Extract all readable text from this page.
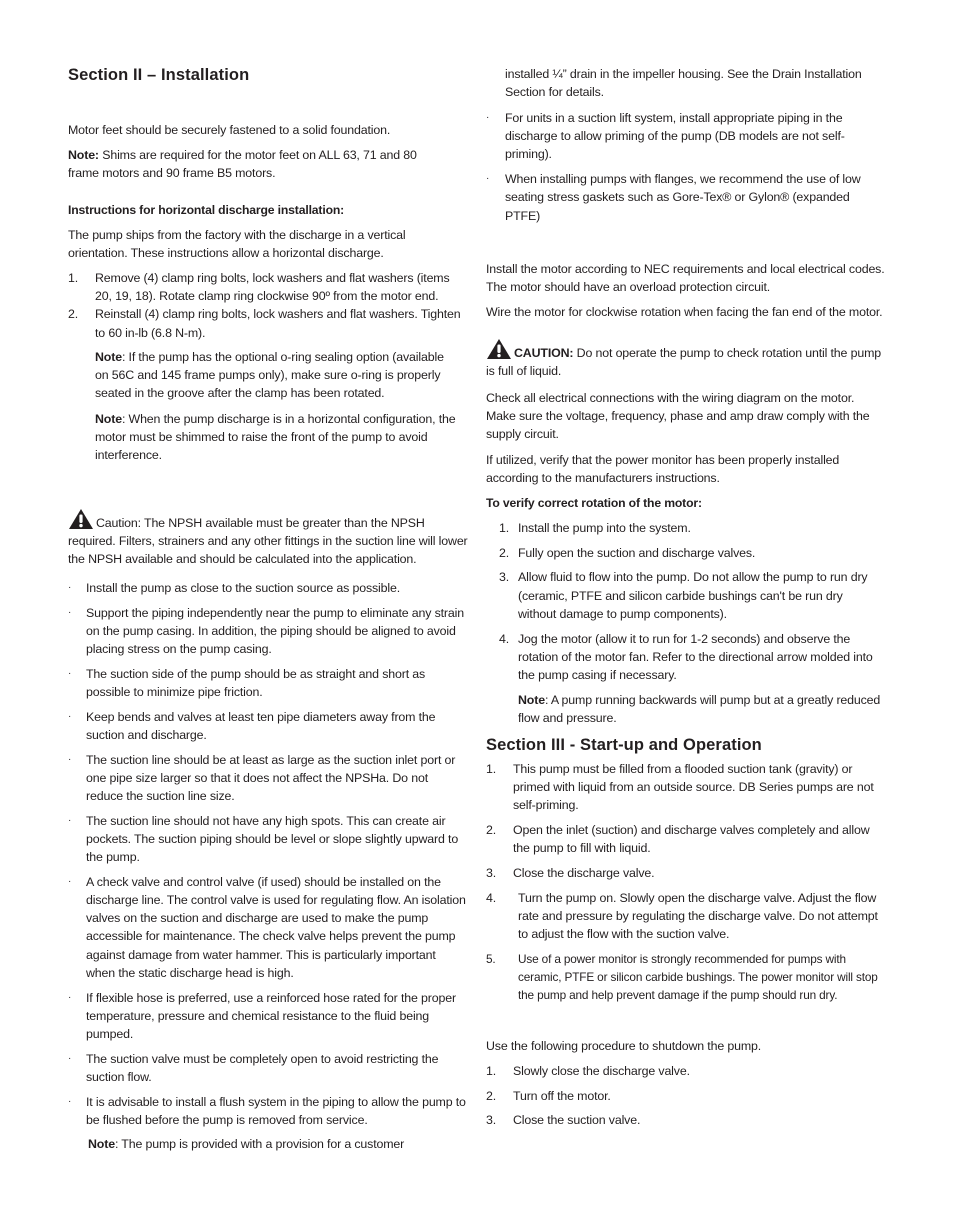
Section II – Installation

Motor feet should be securely fastened to a solid foundation.

Note: Shims are required for the motor feet on ALL 63, 71 and 80 frame motors and 90 frame B5 motors.

Instructions for horizontal discharge installation:

The pump ships from the factory with the discharge in a vertical orientation. These instructions allow a horizontal discharge.

1. Remove (4) clamp ring bolts, lock washers and flat washers (items 20, 19, 18). Rotate clamp ring clockwise 90º from the motor end.
2. Reinstall (4) clamp ring bolts, lock washers and flat washers. Tighten to 60 in-lb (6.8 N-m).

Note: If the pump has the optional o-ring sealing option (available on 56C and 145 frame pumps only), make sure o-ring is properly seated in the groove after the clamp has been rotated.

Note: When the pump discharge is in a horizontal configuration, the motor must be shimmed to raise the front of the pump to avoid interference.

Caution: The NPSH available must be greater than the NPSH required. Filters, strainers and any other fittings in the suction line will lower the NPSH available and should be calculated into the application.

· Install the pump as close to the suction source as possible.
· Support the piping independently near the pump to eliminate any strain on the pump casing. In addition, the piping should be aligned to avoid placing stress on the pump casing.
· The suction side of the pump should be as straight and short as possible to minimize pipe friction.
· Keep bends and valves at least ten pipe diameters away from the suction and discharge.
· The suction line should be at least as large as the suction inlet port or one pipe size larger so that it does not affect the NPSHa. Do not reduce the suction line size.
· The suction line should not have any high spots. This can create air pockets. The suction piping should be level or slope slightly upward to the pump.
· A check valve and control valve (if used) should be installed on the discharge line. The control valve is used for regulating flow. An isolation valves on the suction and discharge are used to make the pump accessible for maintenance. The check valve helps prevent the pump against damage from water hammer. This is particularly important when the static discharge head is high.
· If flexible hose is preferred, use a reinforced hose rated for the proper temperature, pressure and chemical resistance to the fluid being pumped.
· The suction valve must be completely open to avoid restricting the suction flow.
· It is advisable to install a flush system in the piping to allow the pump to be flushed before the pump is removed from service.

Note: The pump is provided with a provision for a customer

installed ¼” drain in the impeller housing. See the Drain Installation Section for details.

· For units in a suction lift system, install appropriate piping in the discharge to allow priming of the pump (DB models are not self-priming).
· When installing pumps with flanges, we recommend the use of low seating stress gaskets such as Gore-Tex® or Gylon® (expanded PTFE)

Install the motor according to NEC requirements and local electrical codes. The motor should have an overload protection circuit.

Wire the motor for clockwise rotation when facing the fan end of the motor.

CAUTION: Do not operate the pump to check rotation until the pump is full of liquid.

Check all electrical connections with the wiring diagram on the motor. Make sure the voltage, frequency, phase and amp draw comply with the supply circuit.

If utilized, verify that the power monitor has been properly installed according to the manufacturers instructions.

To verify correct rotation of the motor:

1. Install the pump into the system.
2. Fully open the suction and discharge valves.
3. Allow fluid to flow into the pump. Do not allow the pump to run dry (ceramic, PTFE and silicon carbide bushings can't be run dry without damage to pump components).
4. Jog the motor (allow it to run for 1-2 seconds) and observe the rotation of the motor fan. Refer to the directional arrow molded into the pump casing if necessary.

Note: A pump running backwards will pump but at a greatly reduced flow and pressure.

Section III - Start-up and Operation
1. This pump must be filled from a flooded suction tank (gravity) or primed with liquid from an outside source. DB Series pumps are not self-priming.
2. Open the inlet (suction) and discharge valves completely and allow the pump to fill with liquid.
3. Close the discharge valve.
4. Turn the pump on. Slowly open the discharge valve. Adjust the flow rate and pressure by regulating the discharge valve. Do not attempt to adjust the flow with the suction valve.
5. Use of a power monitor is strongly recommended for pumps with ceramic, PTFE or silicon carbide bushings. The power monitor will stop the pump and help prevent damage if the pump should run dry.

Use the following procedure to shutdown the pump.

1. Slowly close the discharge valve.
2. Turn off the motor.
3. Close the suction valve.
